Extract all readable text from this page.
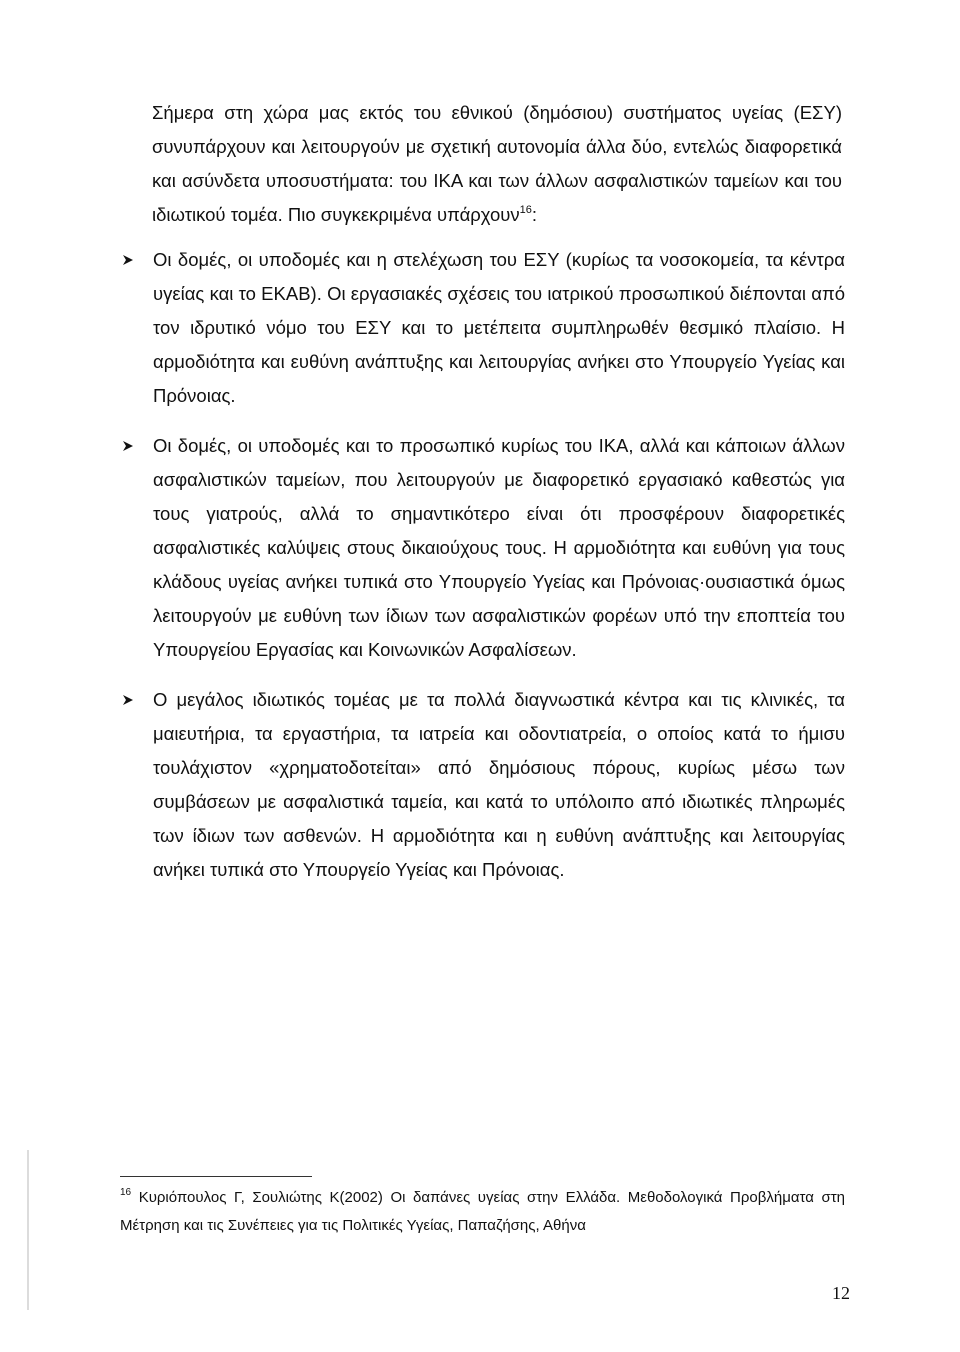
Σήμερα στη χώρα μας εκτός του εθνικού (δημόσιου) συστήματος υγείας (ΕΣΥ) συνυπάρχουν και λειτουργούν με σχετική αυτονομία άλλα δύο, εντελώς διαφορετικά και ασύνδετα υποσυστήματα: του ΙΚΑ και των άλλων ασφαλιστικών ταμείων και του ιδιωτικού τομέα. Πιο συγκεκριμένα υπάρχουν$^{16}$:

Οι δομές, οι υποδομές και η στελέχωση του ΕΣΥ (κυρίως τα νοσοκομεία, τα κέντρα υγείας και το ΕΚΑΒ). Οι εργασιακές σχέσεις του ιατρικού προσωπικού διέπονται από τον ιδρυτικό νόμο του ΕΣΥ και το μετέπειτα συμπληρωθέν θεσμικό πλαίσιο. Η αρμοδιότητα και ευθύνη ανάπτυξης και λειτουργίας ανήκει στο Υπουργείο Υγείας και Πρόνοιας.
Οι δομές, οι υποδομές και το προσωπικό κυρίως του ΙΚΑ, αλλά και κάποιων άλλων ασφαλιστικών ταμείων, που λειτουργούν με διαφορετικό εργασιακό καθεστώς για τους γιατρούς, αλλά το σημαντικότερο είναι ότι προσφέρουν διαφορετικές ασφαλιστικές καλύψεις στους δικαιούχους τους. Η αρμοδιότητα και ευθύνη για τους κλάδους υγείας ανήκει τυπικά στο Υπουργείο Υγείας και Πρόνοιας·ουσιαστικά όμως λειτουργούν με ευθύνη των ίδιων των ασφαλιστικών φορέων υπό την εποπτεία του Υπουργείου Εργασίας και Κοινωνικών Ασφαλίσεων.
Ο μεγάλος ιδιωτικός τομέας με τα πολλά διαγνωστικά κέντρα και τις κλινικές, τα μαιευτήρια, τα εργαστήρια, τα ιατρεία και οδοντιατρεία, ο οποίος κατά το ήμισυ τουλάχιστον «χρηματοδοτείται» από δημόσιους πόρους, κυρίως μέσω των συμβάσεων με ασφαλιστικά ταμεία, και κατά το υπόλοιπο από ιδιωτικές πληρωμές των ίδιων των ασθενών. Η αρμοδιότητα και η ευθύνη ανάπτυξης και λειτουργίας ανήκει τυπικά στο Υπουργείο Υγείας και Πρόνοιας.

$^{16}$ Κυριόπουλος Γ, Σουλιώτης Κ(2002) Οι δαπάνες υγείας στην Ελλάδα. Μεθοδολογικά Προβλήματα στη Μέτρηση και τις Συνέπειες για τις Πολιτικές Υγείας, Παπαζήσης, Αθήνα

12
